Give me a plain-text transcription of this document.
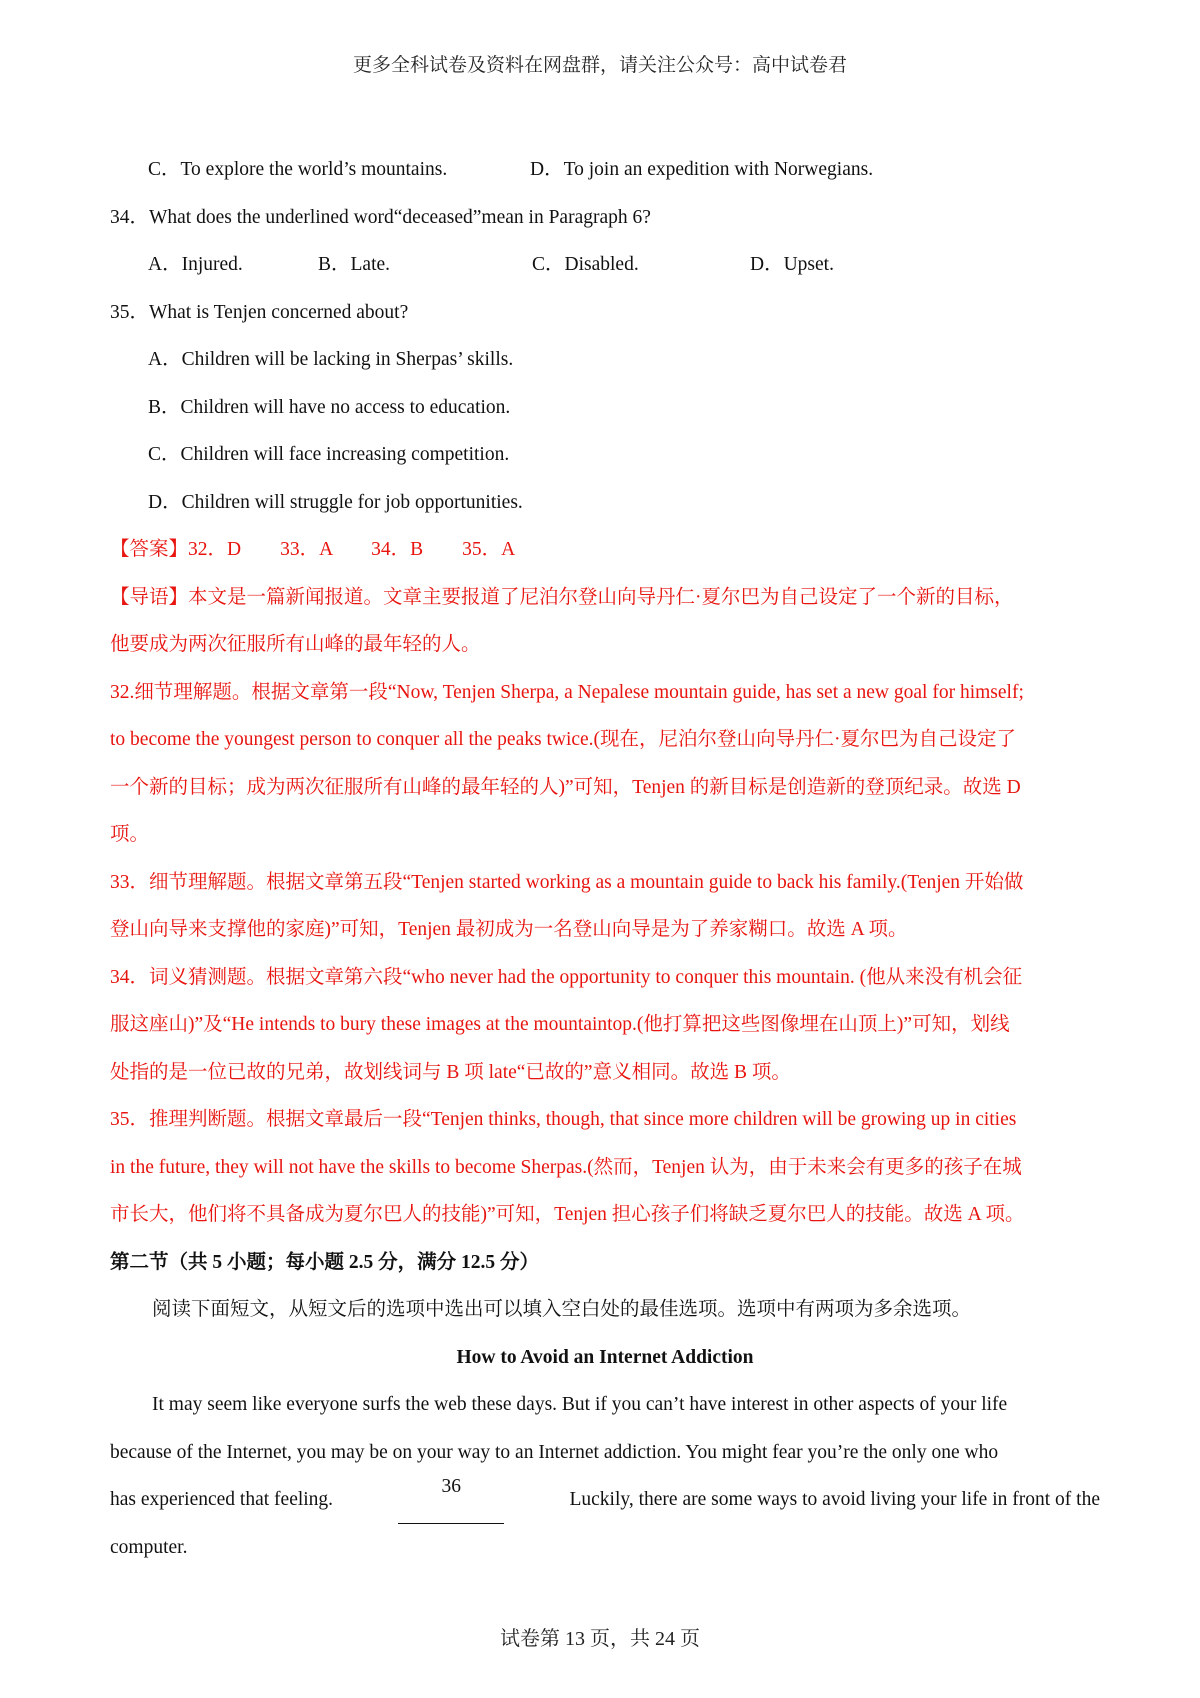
更多全科试卷及资料在网盘群，请关注公众号：高中试卷君
C．To explore the world’s mountains.	D．To join an expedition with Norwegians.
34．What does the underlined word“deceased”mean in Paragraph 6?
A．Injured.	B．Late.	C．Disabled.	D．Upset.
35．What is Tenjen concerned about?
A．Children will be lacking in Sherpas’ skills.
B．Children will have no access to education.
C．Children will face increasing competition.
D．Children will struggle for job opportunities.
【答案】32．D　　33．A　　34．B　　35．A
【导语】本文是一篇新闻报道。文章主要报道了尼泊尔登山向导丹仁·夏尔巴为自己设定了一个新的目标，
他要成为两次征服所有山峰的最年轻的人。
32.细节理解题。根据文章第一段“Now, Tenjen Sherpa, a Nepalese mountain guide, has set a new goal for himself;
to become the youngest person to conquer all the peaks twice.(现在，尼泊尔登山向导丹仁·夏尔巴为自己设定了
一个新的目标；成为两次征服所有山峰的最年轻的人)”可知，Tenjen 的新目标是创造新的登顶纪录。故选 D
项。
33．细节理解题。根据文章第五段“Tenjen started working as a mountain guide to back his family.(Tenjen 开始做
登山向导来支撑他的家庭)”可知，Tenjen 最初成为一名登山向导是为了养家糊口。故选 A 项。
34．词义猜测题。根据文章第六段“who never had the opportunity to conquer this mountain. (他从来没有机会征
服这座山)”及“He intends to bury these images at the mountaintop.(他打算把这些图像埋在山顶上)”可知，划线
处指的是一位已故的兄弟，故划线词与 B 项 late“已故的”意义相同。故选 B 项。
35．推理判断题。根据文章最后一段“Tenjen thinks, though, that since more children will be growing up in cities
in the future, they will not have the skills to become Sherpas.(然而，Tenjen 认为，由于未来会有更多的孩子在城
市长大，他们将不具备成为夏尔巴人的技能)”可知，Tenjen 担心孩子们将缺乏夏尔巴人的技能。故选 A 项。
第二节（共 5 小题；每小题 2.5 分，满分 12.5 分）
阅读下面短文，从短文后的选项中选出可以填入空白处的最佳选项。选项中有两项为多余选项。
How to Avoid an Internet Addiction
It may seem like everyone surfs the web these days. But if you can’t have interest in other aspects of your life
because of the Internet, you may be on your way to an Internet addiction. You might fear you’re the only one who
has experienced that feeling.
36
Luckily, there are some ways to avoid living your life in front of the
computer.
试卷第 13 页，共 24 页
